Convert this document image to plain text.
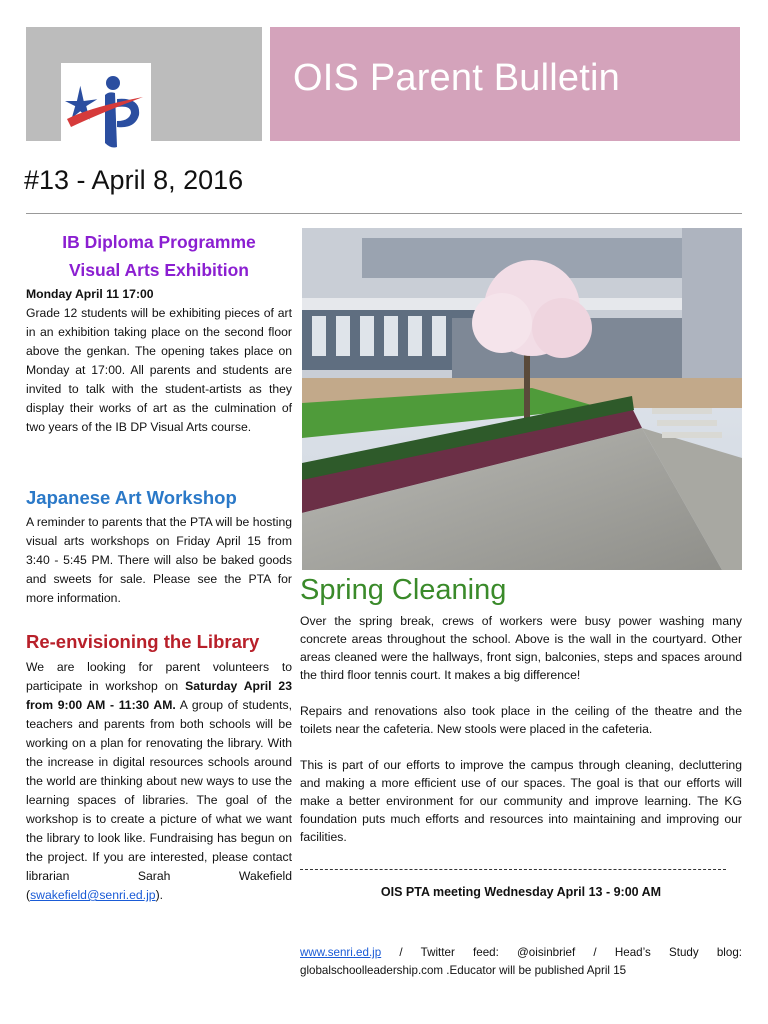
OIS Parent Bulletin
#13 - April 8, 2016
IB Diploma Programme
Visual Arts Exhibition

Monday April 11 17:00

Grade 12 students will be exhibiting pieces of art in an exhibition taking place on the second floor above the genkan. The opening takes place on Monday at 17:00. All parents and students are invited to talk with the student-artists as they display their works of art as the culmination of two years of the IB DP Visual Arts course.

Japanese Art Workshop

A reminder to parents that the PTA will be hosting visual arts workshops on Friday April 15 from 3:40 - 5:45 PM. There will also be baked goods and sweets for sale. Please see the PTA for more information.

Re-envisioning the Library

We are looking for parent volunteers to participate in workshop on Saturday April 23 from 9:00 AM - 11:30 AM. A group of students, teachers and parents from both schools will be working on a plan for renovating the library. With the increase in digital resources schools around the world are thinking about new ways to use the learning spaces of libraries. The goal of the workshop is to create a picture of what we want the library to look like. Fundraising has begun on the project. If you are interested, please contact librarian Sarah Wakefield (swakefield@senri.ed.jp).

Spring Cleaning

Over the spring break, crews of workers were busy power washing many concrete areas throughout the school. Above is the wall in the courtyard. Other areas cleaned were the hallways, front sign, balconies, steps and spaces around the third floor tennis court. It makes a big difference!

Repairs and renovations also took place in the ceiling of the theatre and the toilets near the cafeteria. New stools were placed in the cafeteria.

This is part of our efforts to improve the campus through cleaning, decluttering and making a more efficient use of our spaces. The goal is that our efforts will make a better environment for our community and improve learning. The KG foundation puts much efforts and resources into maintaining and improving our facilities.

OIS PTA meeting Wednesday April 13 - 9:00 AM
www.senri.ed.jp / Twitter feed: @oisinbrief / Head’s Study blog: globalschoolleadership.com .Educator will be published April 15
